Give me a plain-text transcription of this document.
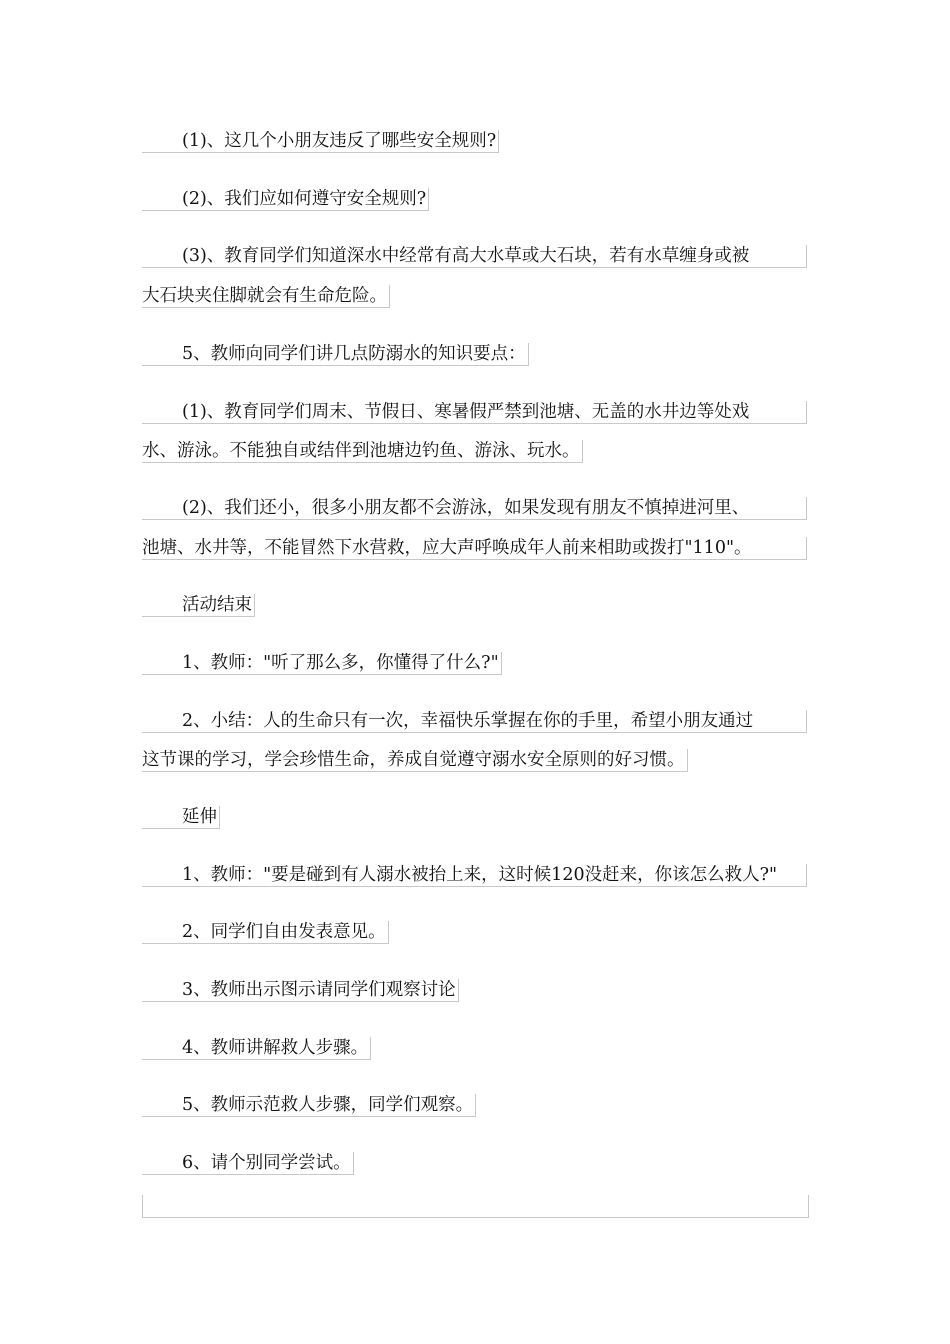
(1)、这几个小朋友违反了哪些安全规则?
(2)、我们应如何遵守安全规则?
(3)、教育同学们知道深水中经常有高大水草或大石块，若有水草缠身或被
大石块夹住脚就会有生命危险。
5、教师向同学们讲几点防溺水的知识要点：
(1)、教育同学们周末、节假日、寒暑假严禁到池塘、无盖的水井边等处戏
水、游泳。不能独自或结伴到池塘边钓鱼、游泳、玩水。
(2)、我们还小，很多小朋友都不会游泳，如果发现有朋友不慎掉进河里、
池塘、水井等，不能冒然下水营救，应大声呼唤成年人前来相助或拨打"110"。
活动结束
1、教师："听了那么多，你懂得了什么?"
2、小结：人的生命只有一次，幸福快乐掌握在你的手里，希望小朋友通过
这节课的学习，学会珍惜生命，养成自觉遵守溺水安全原则的好习惯。
延伸
1、教师："要是碰到有人溺水被抬上来，这时候120没赶来，你该怎么救人?"
2、同学们自由发表意见。
3、教师出示图示请同学们观察讨论
4、教师讲解救人步骤。
5、教师示范救人步骤，同学们观察。
6、请个别同学尝试。
